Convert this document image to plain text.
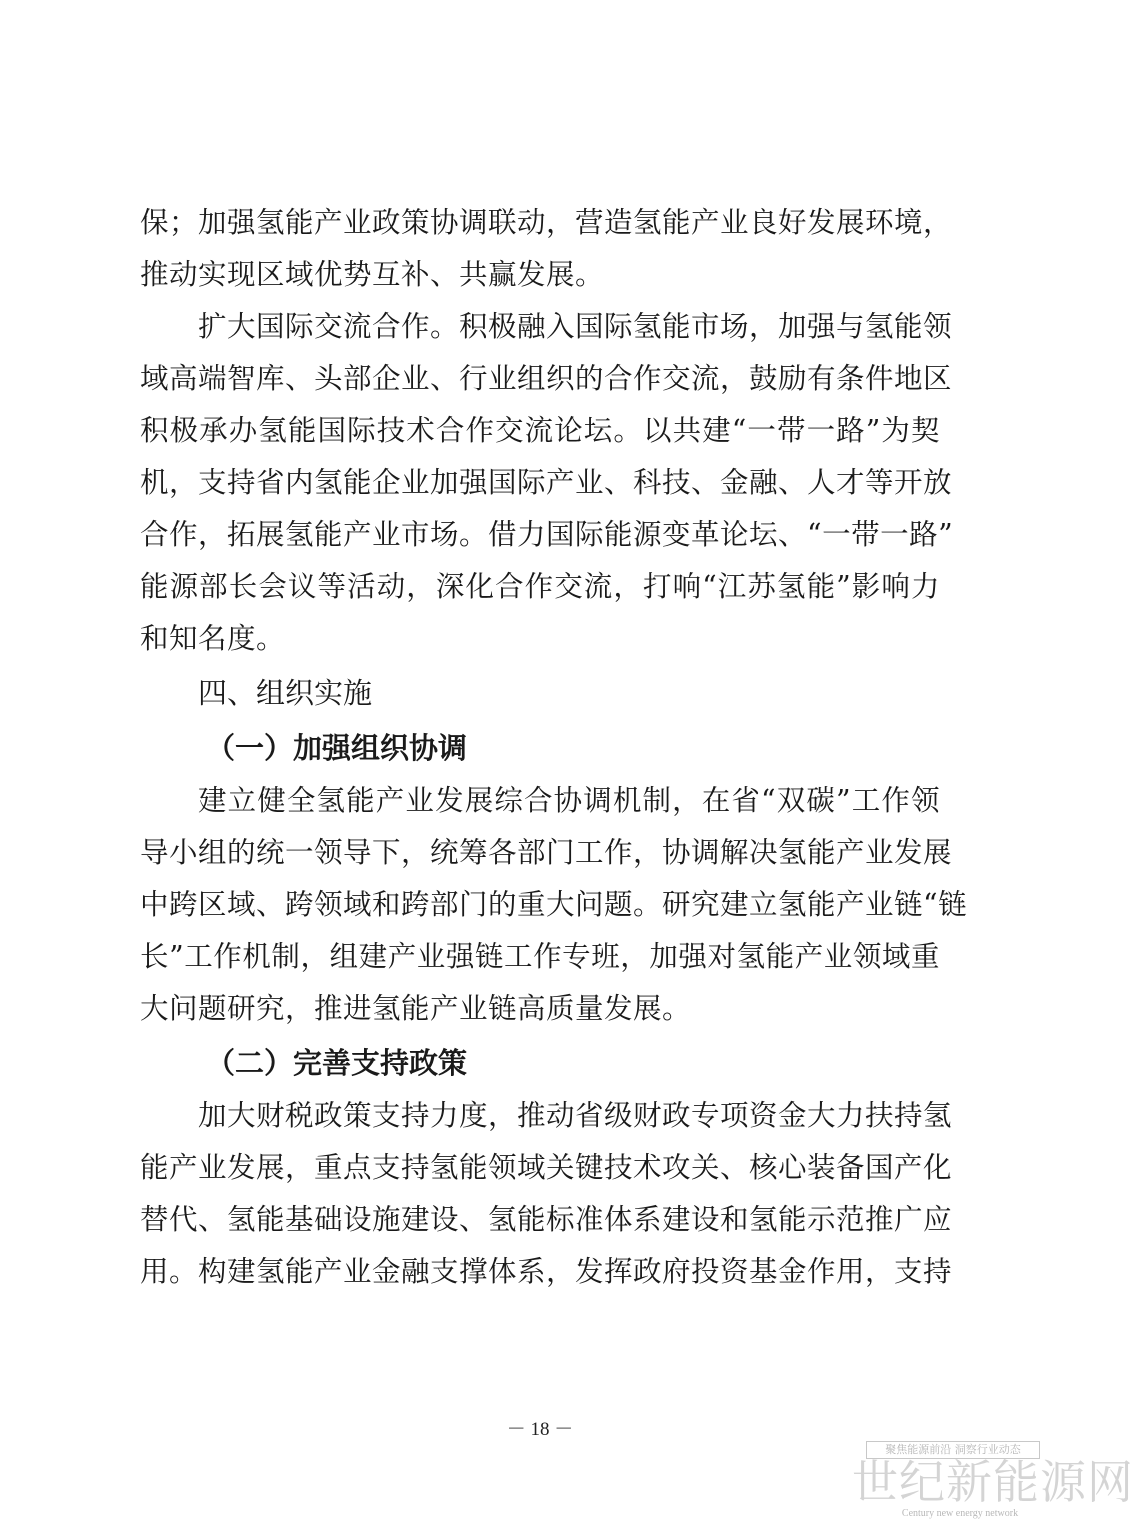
保；加强氢能产业政策协调联动，营造氢能产业良好发展环境，
推动实现区域优势互补、共赢发展。
扩大国际交流合作。积极融入国际氢能市场，加强与氢能领
域高端智库、头部企业、行业组织的合作交流，鼓励有条件地区
积极承办氢能国际技术合作交流论坛。以共建“一带一路”为契
机，支持省内氢能企业加强国际产业、科技、金融、人才等开放
合作，拓展氢能产业市场。借力国际能源变革论坛、“一带一路”
能源部长会议等活动，深化合作交流，打响“江苏氢能”影响力
和知名度。
四、组织实施
（一）加强组织协调
建立健全氢能产业发展综合协调机制，在省“双碳”工作领
导小组的统一领导下，统筹各部门工作，协调解决氢能产业发展
中跨区域、跨领域和跨部门的重大问题。研究建立氢能产业链“链
长”工作机制，组建产业强链工作专班，加强对氢能产业领域重
大问题研究，推进氢能产业链高质量发展。
（二）完善支持政策
加大财税政策支持力度，推动省级财政专项资金大力扶持氢
能产业发展，重点支持氢能领域关键技术攻关、核心装备国产化
替代、氢能基础设施建设、氢能标准体系建设和氢能示范推广应
用。构建氢能产业金融支撑体系，发挥政府投资基金作用，支持
－ 18 －
聚焦能源前沿 洞察行业动态
世纪新能源网
Century new energy network
